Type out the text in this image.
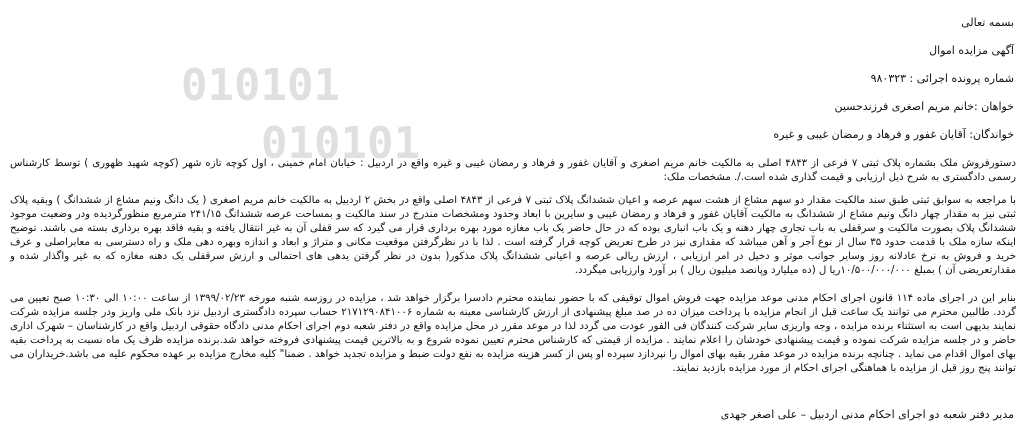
010101
010101
بسمه تعالی
آگهی مزایده اموال
شماره پرونده اجرائی : ۹۸۰۳۲۳
خواهان :خانم مریم اصغری فرزندحسین
خواندگان: آقایان غفور و فرهاد و رمضان غیبی و غیره
دستورفروش ملک بشماره پلاک ثبتی ۷ فرعی از ۴۸۴۳ اصلی به مالکیت خانم مریم اصغری و آقایان غفور و فرهاد و رمضان غیبی و غیره واقع در اردبیل : خیابان امام خمینی ، اول کوچه تازه شهر (کوچه شهید ظهوری ) توسط کارشناس رسمی دادگستری به شرح ذیل ارزیابی و قیمت گذاری شده است./. مشخصات ملک:
با مراجعه به سوابق ثبتی طبق سند مالکیت مقدار دو سهم مشاع از هشت سهم عرصه و اعیان ششدانگ پلاک ثبتی ۷ فرعی از ۴۸۴۳ اصلی واقع در بخش ۲ اردبیل به مالکیت خانم مریم اصغری ( یک دانگ ونیم مشاع از ششدانگ ) وبقیه پلاک ثبتی نیز به مقدار چهار دانگ ونیم مشاع از ششدانگ به مالکیت آقایان غفور و فرهاد و رمضان غیبی و سایرین با ابعاد وحدود ومشخصات مندرج در سند مالکیت و بمساحت عرصه ششدانگ ۲۴۱/۱۵ مترمربع منظورگردیده ودر وضعیت موجود ششدانگ پلاک بصورت مالکیت و سرقفلی به باب تجاری چهار دهنه و یک باب انباری بوده که در حال حاضر یک باب مغازه مورد بهره برداری قرار می گیرد که سر قفلی آن به غیر انتقال یافته و بقیه فاقد بهره برداری بسته می باشند. توضیح اینکه سازه ملک با قدمت حدود ۳۵ سال از نوع آجر و آهن میباشد که مقداری نیز در طرح تعریض کوچه قرار گرفته است . لذا با در نظرگرفتن موقعیت مکانی و متراژ و ابعاد و اندازه وبهره دهی ملک و راه دسترسی به معابراصلی و عرف خرید و فروش به نرخ عادلانه روز وسایر جوانب موثر و دخیل در امر ارزیابی ، ارزش ریالی عرصه و اعیانی ششدانگ پلاک مذکور( بدون در نظر گرفتن یدهی های احتمالی و ارزش سرقفلی یک دهنه مغازه که به غیر واگذار شده و مقدارتعریضی آن ) بمبلغ ۱۰/۵۰۰/۰۰۰/۰۰۰ریا ل (ده میلیارد وپانصد میلیون ریال ) بر آورد وارزیابی میگردد.
بنابر این در اجرای ماده ۱۱۴ قانون اجرای احکام مدنی موعد مزایده جهت فروش اموال توقیفی که با حضور نماینده محترم دادسرا برگزار خواهد شد ، مزایده در روزسه شنبه مورخه ۱۳۹۹/۰۲/۲۳ از ساعت ۱۰:۰۰ الی ۱۰:۳۰ صبح تعیین می گردد. طالبین محترم می توانند یک ساعت قبل از انجام مزایده با پرداخت میزان ده در صد مبلغ پیشنهادی از ارزش کارشناسی معینه به شماره ۲۱۷۱۲۹۰۸۴۱۰۰۶ حساب سپرده دادگستری اردبیل نزد بانک ملی واریز ودر جلسه مزایده شرکت نمایند بدیهی است به استثناء برنده مزایده ، وجه واریزی سایر شرکت کنندگان فی الفور عودت می گردد لذا در موعد مقرر در محل مزایده واقع در دفتر شعبه دوم اجرای احکام مدنی دادگاه حقوقی اردبیل واقع در کارشناسان – شهرک اداری حاضر و در جلسه مزایده شرکت نموده و قیمت پیشنهادی خودشان را اعلام نمایند . مزایده از قیمتی که کارشناس محترم تعیین نموده شروع و به بالاترین قیمت پیشنهادی فروخته خواهد شد.برنده مزایده ظرف یک ماه نسبت به پرداخت بقیه بهای اموال اقدام می نماید . چنانچه برنده مزایده در موعد مقرر بقیه بهای اموال را نپردازد سپرده او پس از کسر هزینه مزایده به نفع دولت ضبط و مزایده تجدید خواهد . ضمنا" کلیه مخارج مزایده بر عهده محکوم علیه می باشد.خریداران می توانند پنج روز قبل از مزایده با هماهنگی اجرای احکام از مورد مزایده بازدید نمایند.
مدیر دفتر شعبه دو اجرای احکام مدنی اردبیل – علی اصغر جهدی
